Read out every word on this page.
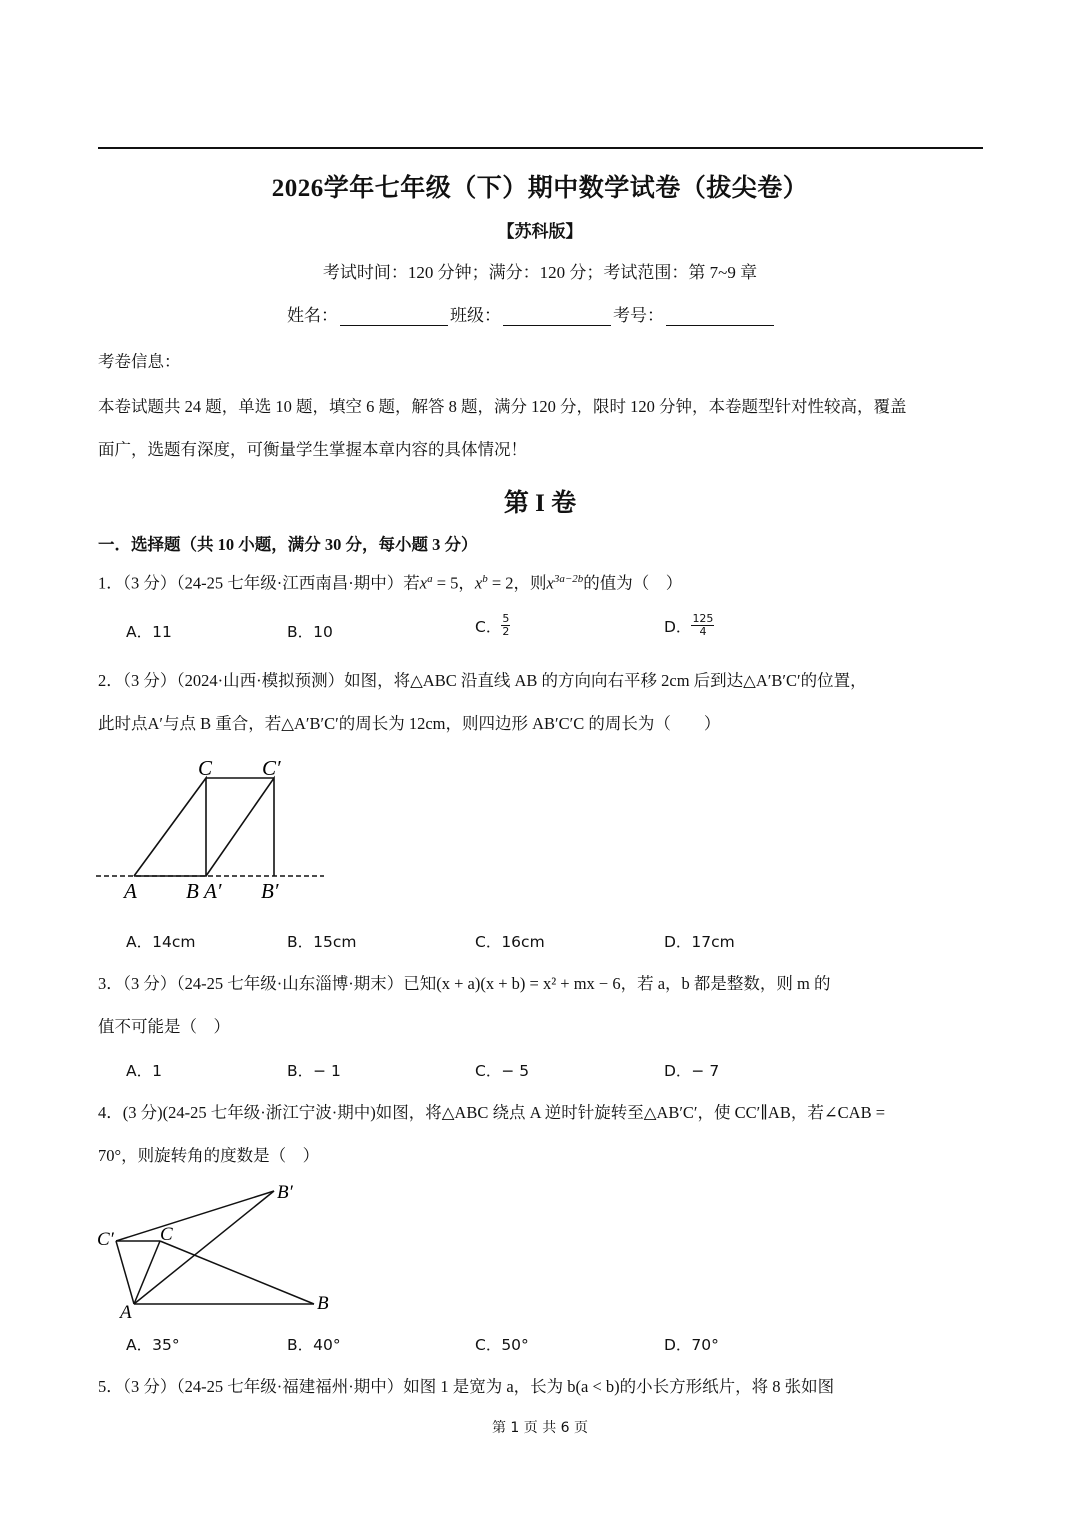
2026学年七年级（下）期中数学试卷（拔尖卷）
【苏科版】
考试时间：120 分钟；满分：120 分；考试范围：第 7~9 章
姓名：	班级：	考号：
考卷信息：
本卷试题共 24 题，单选 10 题，填空 6 题，解答 8 题，满分 120 分，限时 120 分钟，本卷题型针对性较高，覆盖
面广，选题有深度，可衡量学生掌握本章内容的具体情况！
第 I 卷
一．选择题（共 10 小题，满分 30 分，每小题 3 分）
1．（3 分）（24-25 七年级·江西南昌·期中）若$x^a = 5$，$x^b = 2$，则$x^{3a-2b}$的值为（　）
A．11	B．10	C． $\frac{5}{2}$	D． $\frac{125}{4}$
2．（3 分）（2024·山西·模拟预测）如图，将△ABC 沿直线 AB 的方向向右平移 2cm 后到达△A′B′C′的位置，
此时点A′与点 B 重合，若△A′B′C′的周长为 12cm，则四边形 AB′C′C 的周长为（　　）
C C′
A B A′ B′
A．14cm	B．15cm	C．16cm	D．17cm
3．（3 分）（24-25 七年级·山东淄博·期末）已知(x + a)(x + b) = x² + mx − 6，若 a，b 都是整数，则 m 的
值不可能是（　）
A．1	B．− 1	C．− 5	D．− 7
4．(3 分)(24-25 七年级·浙江宁波·期中)如图，将△ABC 绕点 A 逆时针旋转至△AB′C′，使 CC′∥AB，若∠CAB =
70°，则旋转角的度数是（　）
B′
C′ C
A	B
A．35°	B．40°	C．50°	D．70°
5．（3 分）（24-25 七年级·福建福州·期中）如图 1 是宽为 a，长为 b(a < b)的小长方形纸片，将 8 张如图
第 1 页 共 6 页
